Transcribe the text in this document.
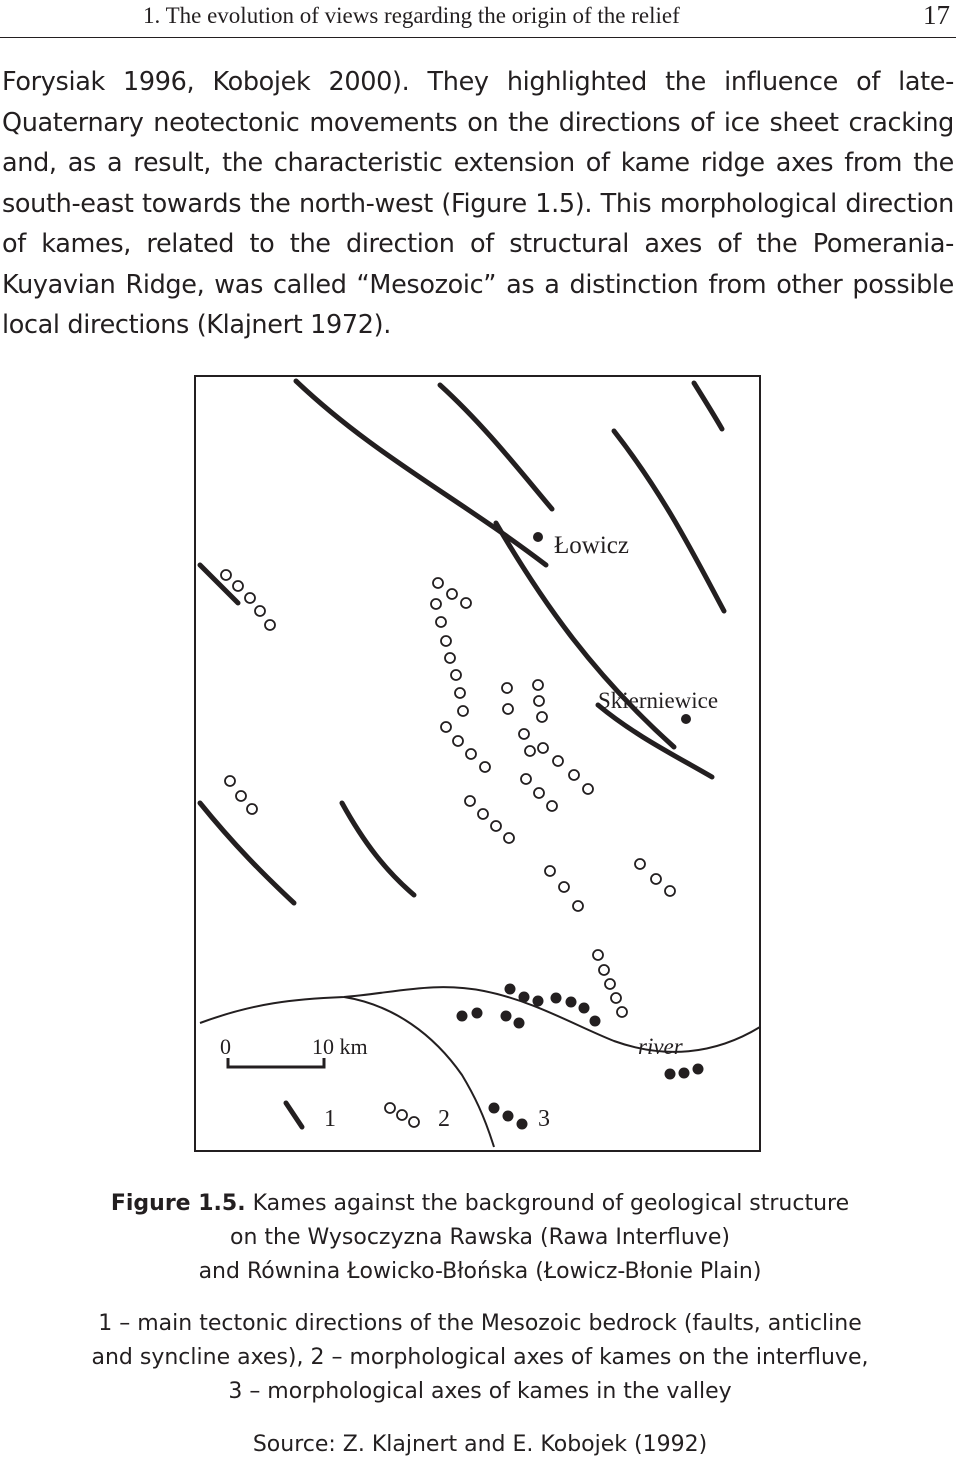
1. The evolution of views regarding the origin of the relief	17

Forysiak 1996, Kobojek 2000). They highlighted the influence of late-Quaternary neotectonic movements on the directions of ice sheet cracking and, as a result, the characteristic extension of kame ridge axes from the south-east towards the north-west (Figure 1.5). This morphological direction of kames, related to the direction of structural axes of the Pomerania-Kuyavian Ridge, was called “Mesozoic” as a distinction from other possible local directions (Klajnert 1972).

Łowicz
Skierniewice
river
0	10 km
1	2	3
Figure 1.5. Kames against the background of geological structure
on the Wysoczyzna Rawska (Rawa Interfluve)
and Równina Łowicko-Błońska (Łowicz-Błonie Plain)
1 – main tectonic directions of the Mesozoic bedrock (faults, anticline
and syncline axes), 2 – morphological axes of kames on the interfluve,
3 – morphological axes of kames in the valley
Source: Z. Klajnert and E. Kobojek (1992)
